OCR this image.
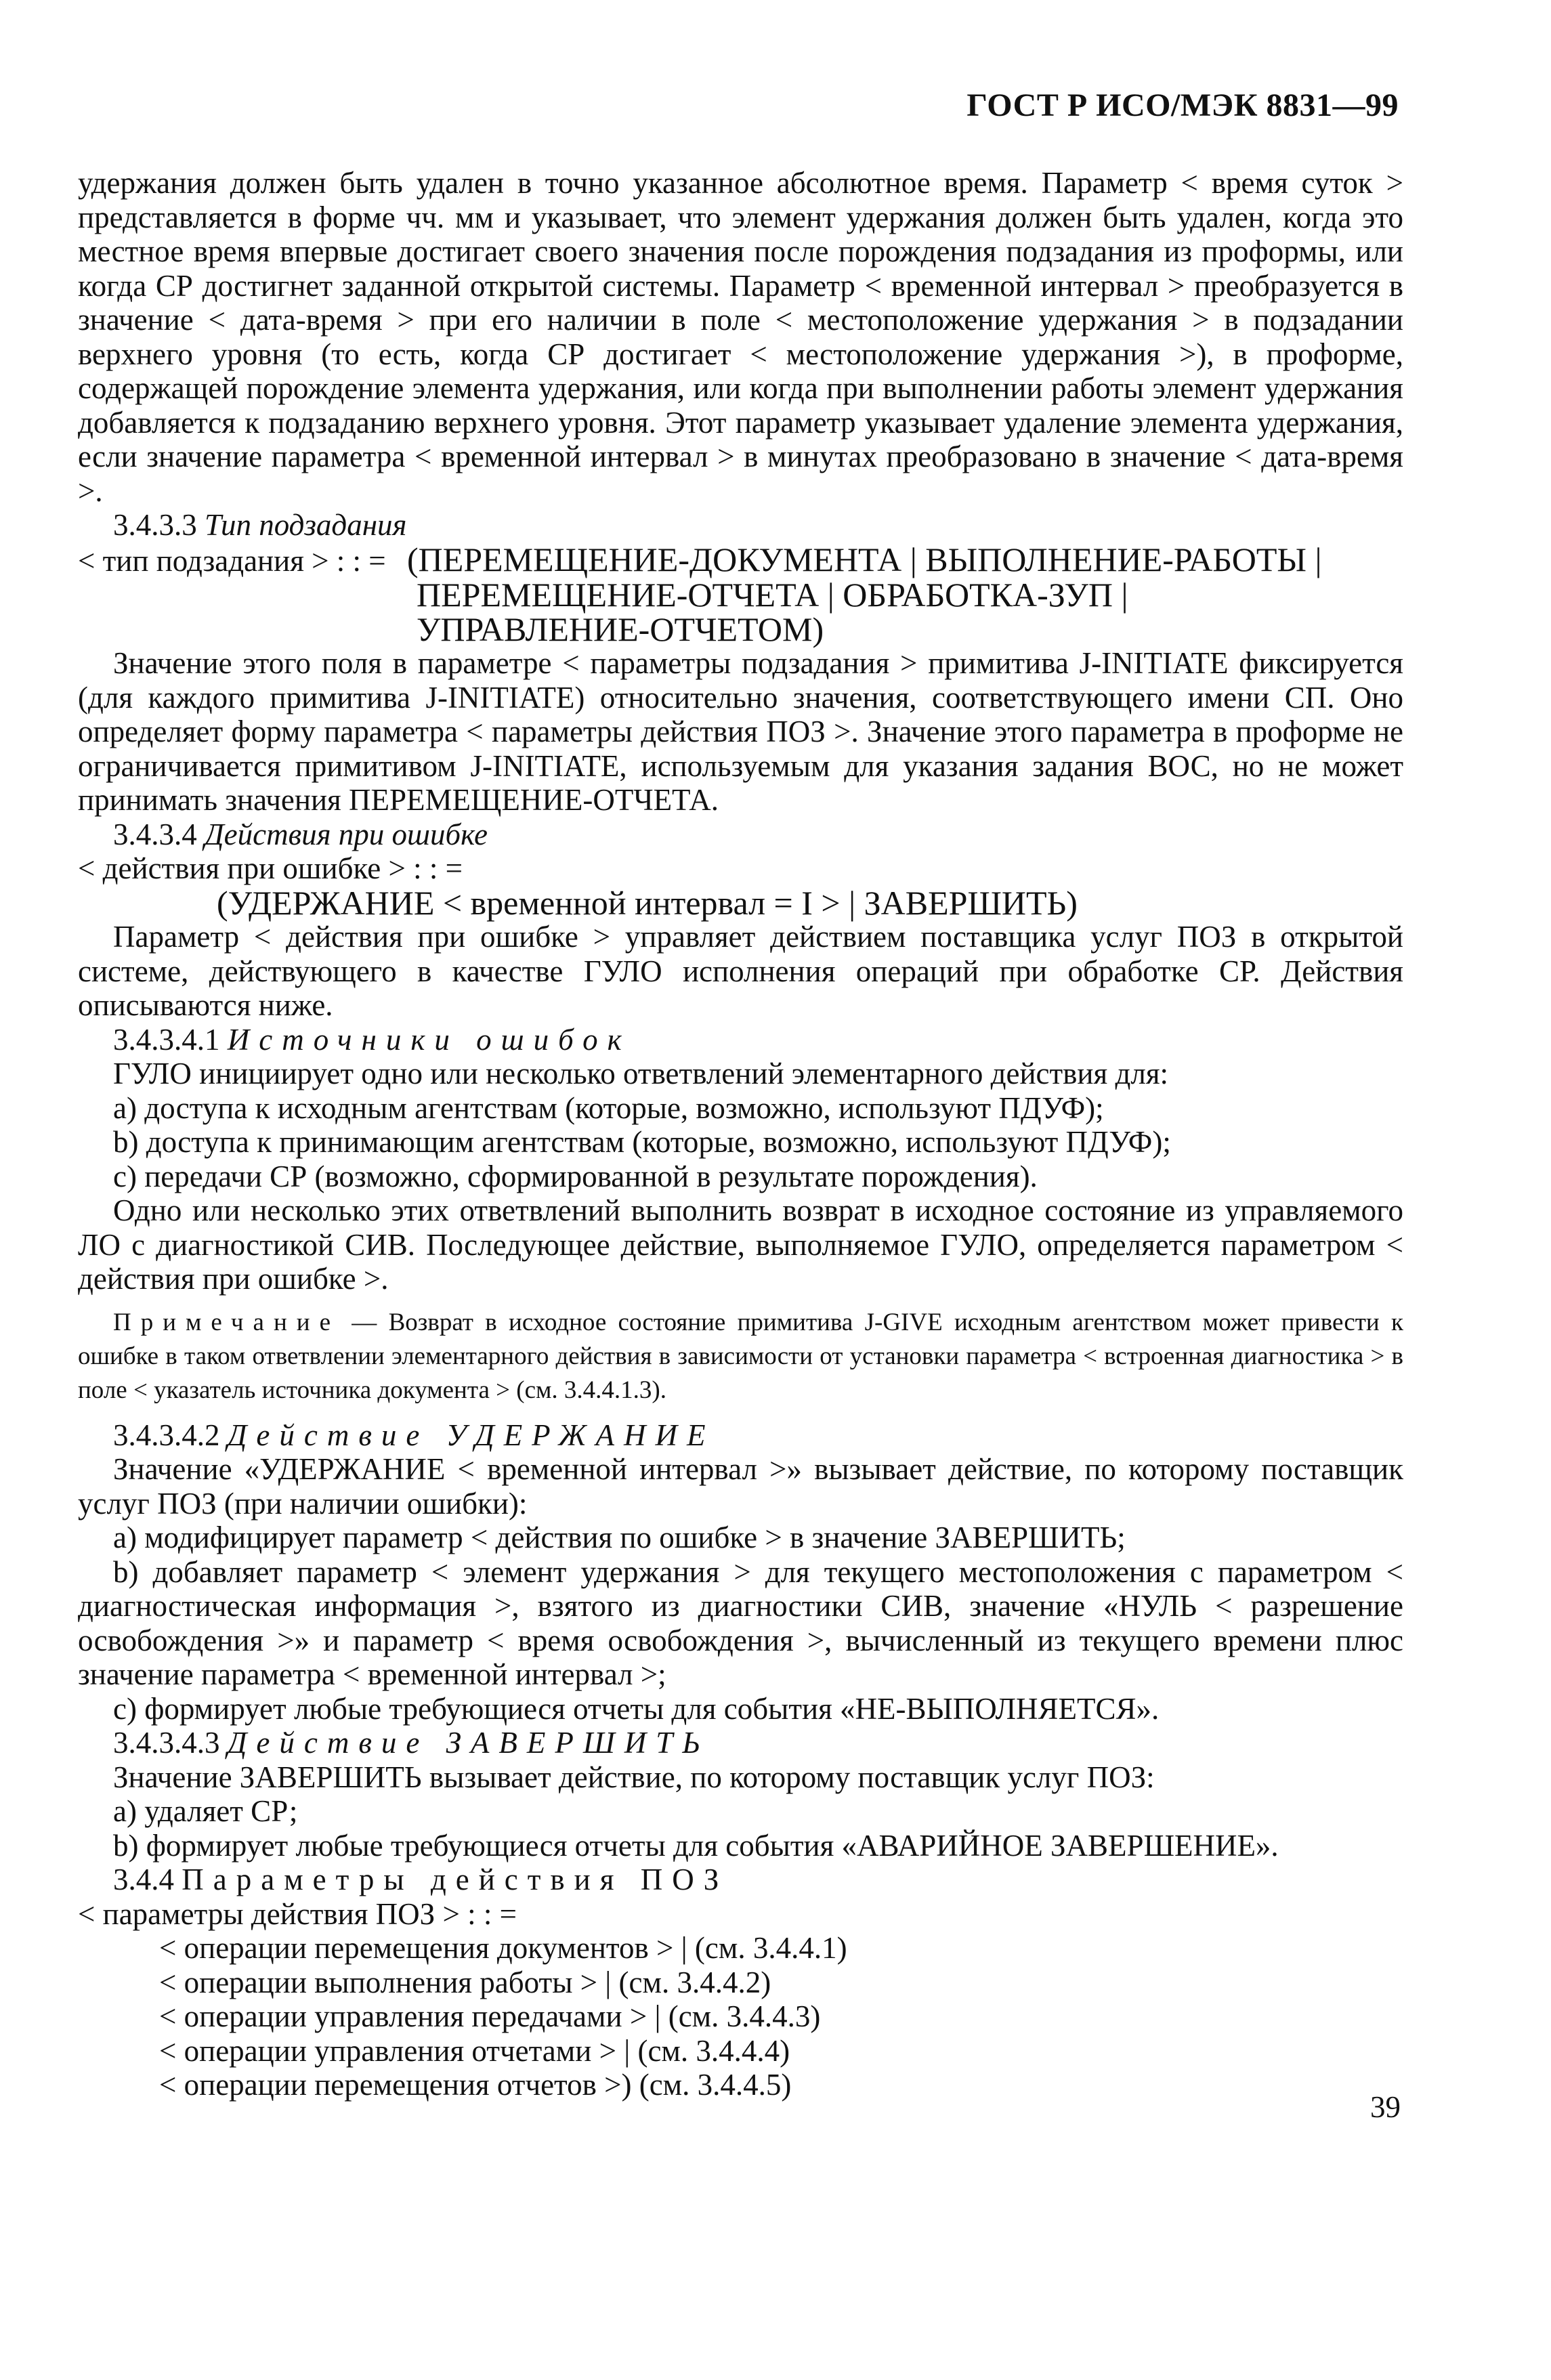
ГОСТ Р ИСО/МЭК 8831—99

удержания должен быть удален в точно указанное абсолютное время. Параметр < время суток > представляется в форме чч. мм и указывает, что элемент удержания должен быть удален, когда это местное время впервые достигает своего значения после порождения подзадания из проформы, или когда СР достигнет заданной открытой системы. Параметр < временной интервал > преобразуется в значение < дата-время > при его наличии в поле < местоположение удержания > в подзадании верхнего уровня (то есть, когда СР достигает < местоположение удержания >), в проформе, содержащей порождение элемента удержания, или когда при выполнении работы элемент удержания добавляется к подзаданию верхнего уровня. Этот параметр указывает удаление элемента удержания, если значение параметра < временной интервал > в минутах преобразовано в значение < дата-время >.

3.4.3.3 Тип подзадания

< тип подзадания > : : = (ПЕРЕМЕЩЕНИЕ-ДОКУМЕНТА | ВЫПОЛНЕНИЕ-РАБОТЫ |
ПЕРЕМЕЩЕНИЕ-ОТЧЕТА | ОБРАБОТКА-ЗУП |
УПРАВЛЕНИЕ-ОТЧЕТОМ)

Значение этого поля в параметре < параметры подзадания > примитива J-INITIATE фиксируется (для каждого примитива J-INITIATE) относительно значения, соответствующего имени СП. Оно определяет форму параметра < параметры действия ПОЗ >. Значение этого параметра в проформе не ограничивается примитивом J-INITIATE, используемым для указания задания ВОС, но не может принимать значения ПЕРЕМЕЩЕНИЕ-ОТЧЕТА.

3.4.3.4 Действия при ошибке

< действия при ошибке > : : =
(УДЕРЖАНИЕ < временной интервал = I > | ЗАВЕРШИТЬ)

Параметр < действия при ошибке > управляет действием поставщика услуг ПОЗ в открытой системе, действующего в качестве ГУЛО исполнения операций при обработке СР. Действия описываются ниже.

3.4.3.4.1 Источники ошибок

ГУЛО инициирует одно или несколько ответвлений элементарного действия для:

a) доступа к исходным агентствам (которые, возможно, используют ПДУФ);

b) доступа к принимающим агентствам (которые, возможно, используют ПДУФ);

c) передачи СР (возможно, сформированной в результате порождения).

Одно или несколько этих ответвлений выполнить возврат в исходное состояние из управляемого ЛО с диагностикой СИВ. Последующее действие, выполняемое ГУЛО, определяется параметром < действия при ошибке >.

Примечание — Возврат в исходное состояние примитива J-GIVE исходным агентством может привести к ошибке в таком ответвлении элементарного действия в зависимости от установки параметра < встроенная диагностика > в поле < указатель источника документа > (см. 3.4.4.1.3).

3.4.3.4.2 Действие УДЕРЖАНИЕ

Значение «УДЕРЖАНИЕ < временной интервал >» вызывает действие, по которому поставщик услуг ПОЗ (при наличии ошибки):

a) модифицирует параметр < действия по ошибке > в значение ЗАВЕРШИТЬ;

b) добавляет параметр < элемент удержания > для текущего местоположения с параметром < диагностическая информация >, взятого из диагностики СИВ, значение «НУЛЬ < разрешение освобождения >» и параметр < время освобождения >, вычисленный из текущего времени плюс значение параметра < временной интервал >;

c) формирует любые требующиеся отчеты для события «НЕ-ВЫПОЛНЯЕТСЯ».

3.4.3.4.3 Действие ЗАВЕРШИТЬ

Значение ЗАВЕРШИТЬ вызывает действие, по которому поставщик услуг ПОЗ:

a) удаляет СР;

b) формирует любые требующиеся отчеты для события «АВАРИЙНОЕ ЗАВЕРШЕНИЕ».

3.4.4 Параметры действия ПОЗ

< параметры действия ПОЗ > : : =

< операции перемещения документов > | (см. 3.4.4.1)

< операции выполнения работы > | (см. 3.4.4.2)

< операции управления передачами > | (см. 3.4.4.3)

< операции управления отчетами > | (см. 3.4.4.4)

< операции перемещения отчетов >) (см. 3.4.4.5)

39
